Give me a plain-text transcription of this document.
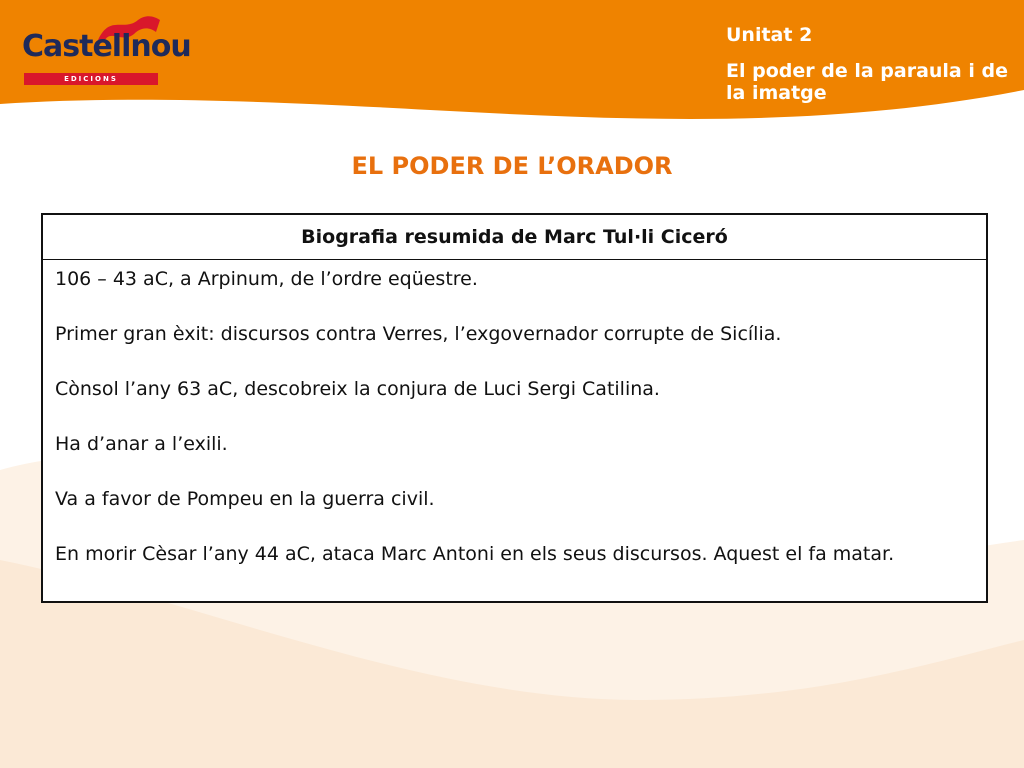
Castellnou
EDICIONS
Unitat 2
El poder de la paraula i de la imatge
EL PODER DE L’ORADOR
Biografia resumida de Marc Tul·li Ciceró

106 – 43 aC, a Arpinum, de l’ordre eqüestre.

Primer gran èxit: discursos contra Verres, l’exgovernador corrupte de Sicília.

Cònsol l’any 63 aC, descobreix la conjura de Luci Sergi Catilina.

Ha d’anar a l’exili.

Va a favor de Pompeu en la guerra civil.

En morir Cèsar l’any 44 aC, ataca Marc Antoni en els seus discursos. Aquest el fa matar.
